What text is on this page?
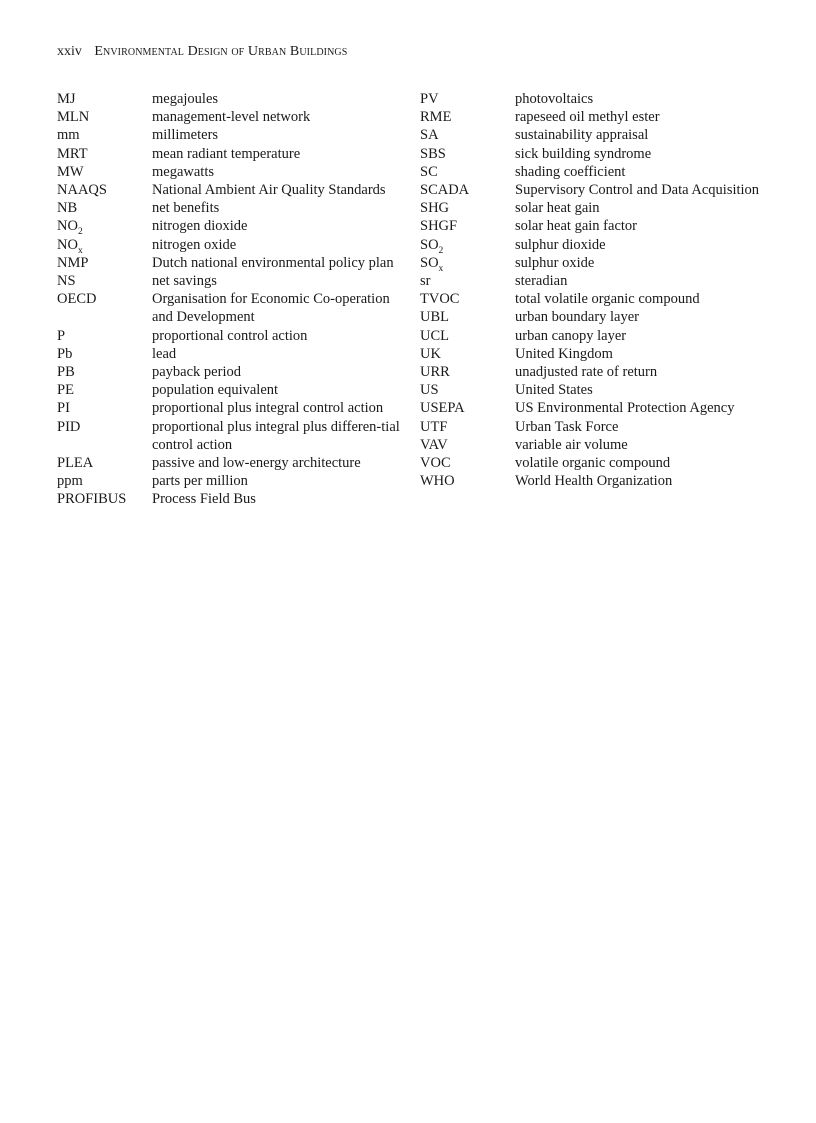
xxiv Environmental Design of Urban Buildings
MJ	megajoules
MLN	management-level network
mm	millimeters
MRT	mean radiant temperature
MW	megawatts
NAAQS	National Ambient Air Quality Standards
NB	net benefits
$NO_2$	nitrogen dioxide
$NO_x$	nitrogen oxide
NMP	Dutch national environmental policy plan
NS	net savings
OECD	Organisation for Economic Co-operation and Development
P	proportional control action
Pb	lead
PB	payback period
PE	population equivalent
PI	proportional plus integral control action
PID	proportional plus integral plus differen-tial control action
PLEA	passive and low-energy architecture
ppm	parts per million
PROFIBUS	Process Field Bus
PV	photovoltaics
RME	rapeseed oil methyl ester
SA	sustainability appraisal
SBS	sick building syndrome
SC	shading coefficient
SCADA	Supervisory Control and Data Acquisition
SHG	solar heat gain
SHGF	solar heat gain factor
$SO_2$	sulphur dioxide
$SO_x$	sulphur oxide
sr	steradian
TVOC	total volatile organic compound
UBL	urban boundary layer
UCL	urban canopy layer
UK	United Kingdom
URR	unadjusted rate of return
US	United States
USEPA	US Environmental Protection Agency
UTF	Urban Task Force
VAV	variable air volume
VOC	volatile organic compound
WHO	World Health Organization
